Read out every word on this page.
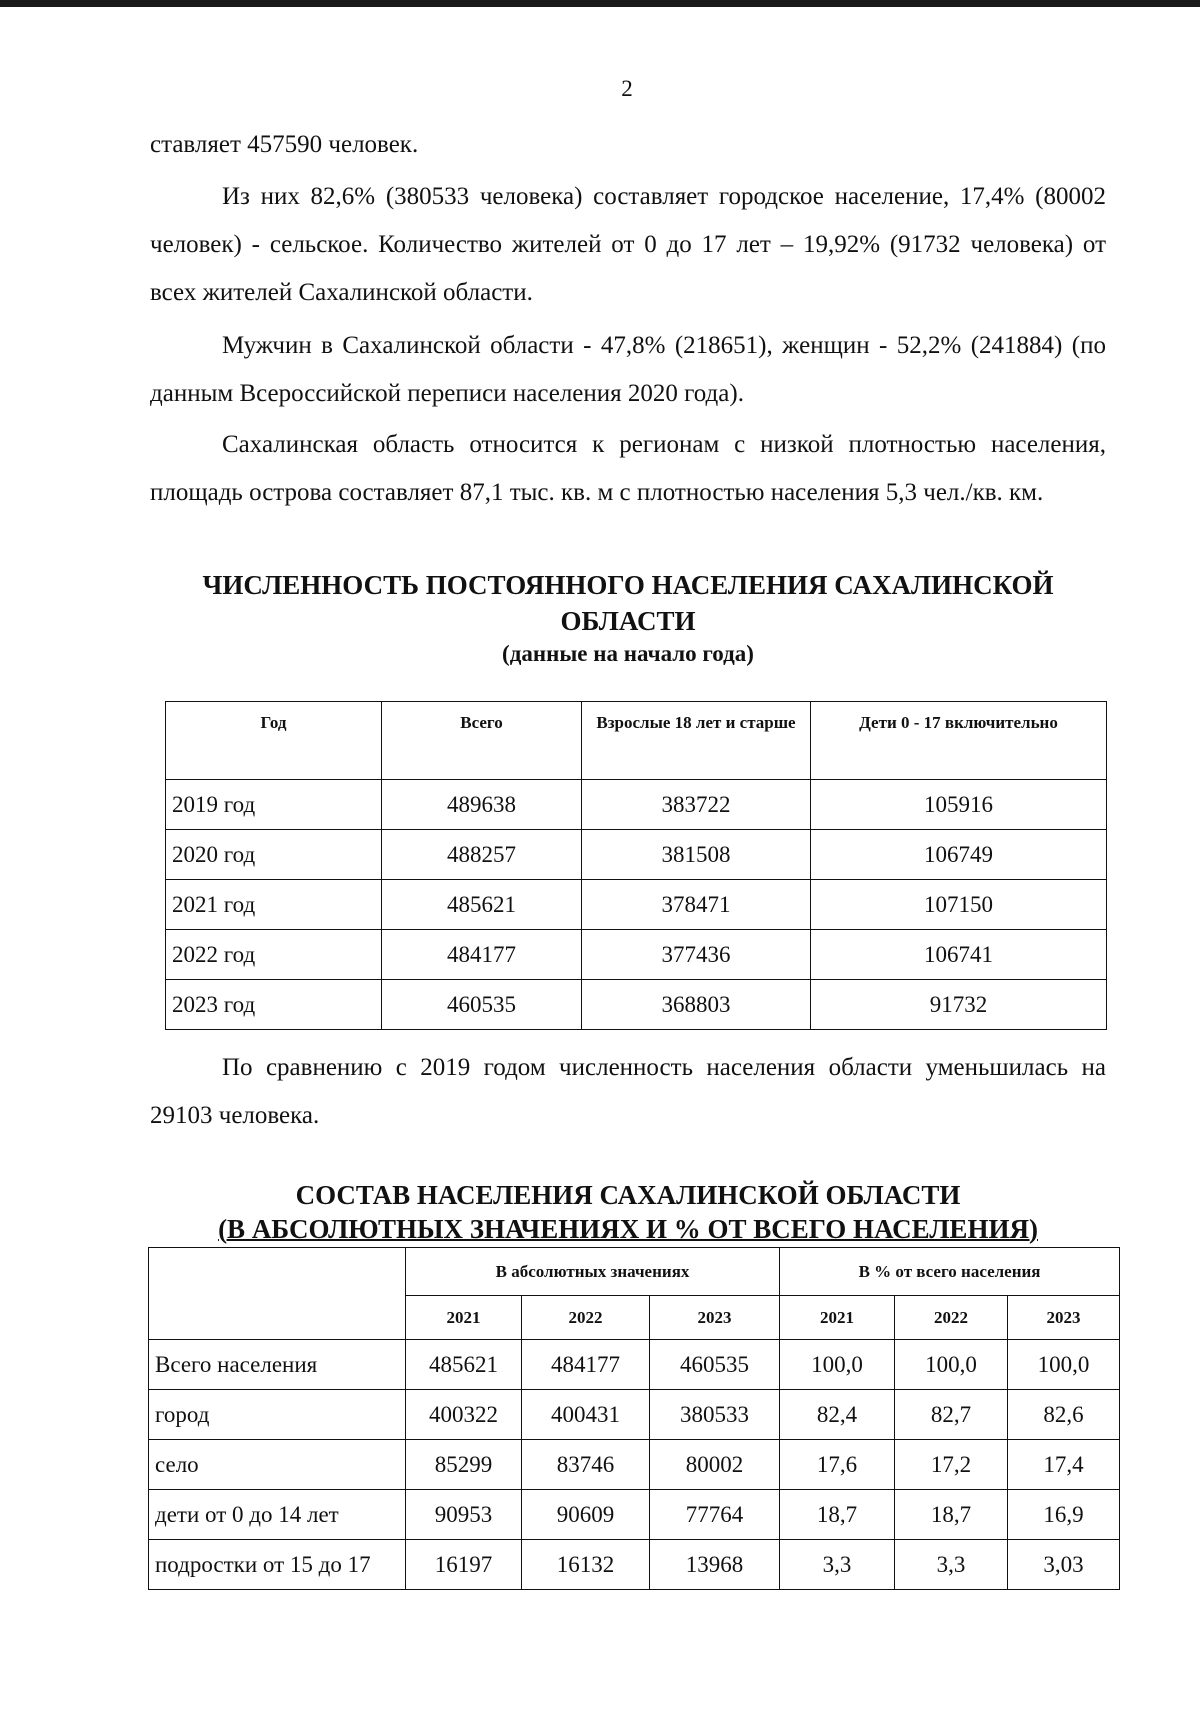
2

ставляет 457590 человек.

Из них 82,6% (380533 человека) составляет городское население, 17,4% (80002 человек) - сельское. Количество жителей от 0 до 17 лет – 19,92% (91732 человека) от всех жителей Сахалинской области.

Мужчин в Сахалинской области - 47,8% (218651), женщин - 52,2% (241884) (по данным Всероссийской переписи населения 2020 года).

Сахалинская область относится к регионам с низкой плотностью населения, площадь острова составляет 87,1 тыс. кв. м с плотностью населения 5,3 чел./кв. км.

ЧИСЛЕННОСТЬ ПОСТОЯННОГО НАСЕЛЕНИЯ САХАЛИНСКОЙ ОБЛАСТИ
(данные на начало года)
Год	Всего	Взрослые 18 лет и старше	Дети 0 - 17 включительно
2019 год	489638	383722	105916
2020 год	488257	381508	106749
2021 год	485621	378471	107150
2022 год	484177	377436	106741
2023 год	460535	368803	91732

По сравнению с 2019 годом численность населения области уменьшилась на 29103 человека.

СОСТАВ НАСЕЛЕНИЯ САХАЛИНСКОЙ ОБЛАСТИ
(В АБСОЛЮТНЫХ ЗНАЧЕНИЯХ И % ОТ ВСЕГО НАСЕЛЕНИЯ)
	В абсолютных значениях			В % от всего населения		
	2021	2022	2023	2021	2022	2023
Всего населения	485621	484177	460535	100,0	100,0	100,0
город	400322	400431	380533	82,4	82,7	82,6
село	85299	83746	80002	17,6	17,2	17,4
дети от 0 до 14 лет	90953	90609	77764	18,7	18,7	16,9
подростки от 15 до 17	16197	16132	13968	3,3	3,3	3,03
